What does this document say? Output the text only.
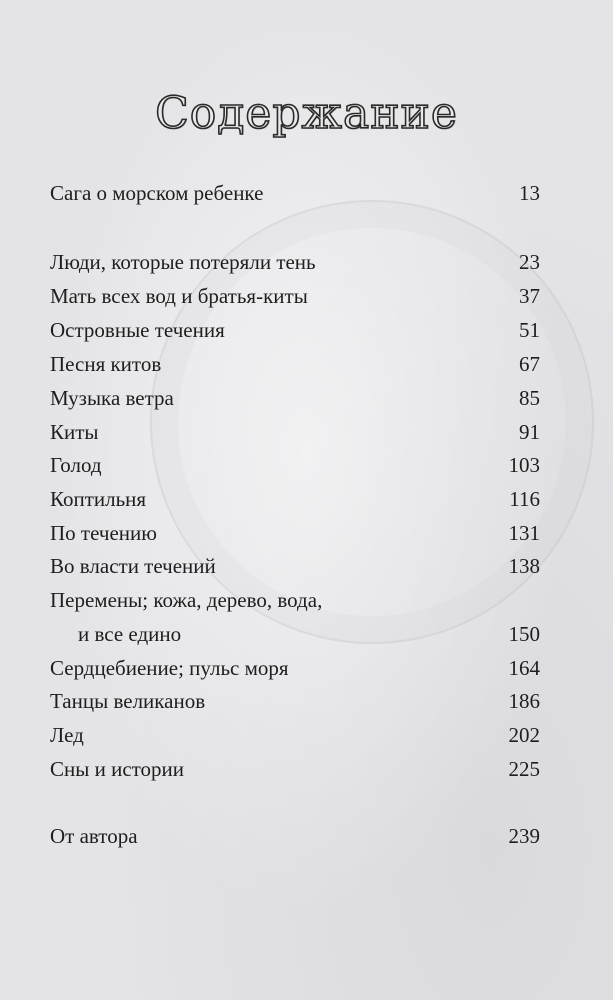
Содержание
Сага о морском ребенке	13
Люди, которые потеряли тень	23
Мать всех вод и братья-киты	37
Островные течения	51
Песня китов	67
Музыка ветра	85
Киты	91
Голод	103
Коптильня	116
По течению	131
Во власти течений	138
Перемены; кожа, дерево, вода,
и все едино	150
Сердцебиение; пульс моря	164
Танцы великанов	186
Лед	202
Сны и истории	225
От автора	239
